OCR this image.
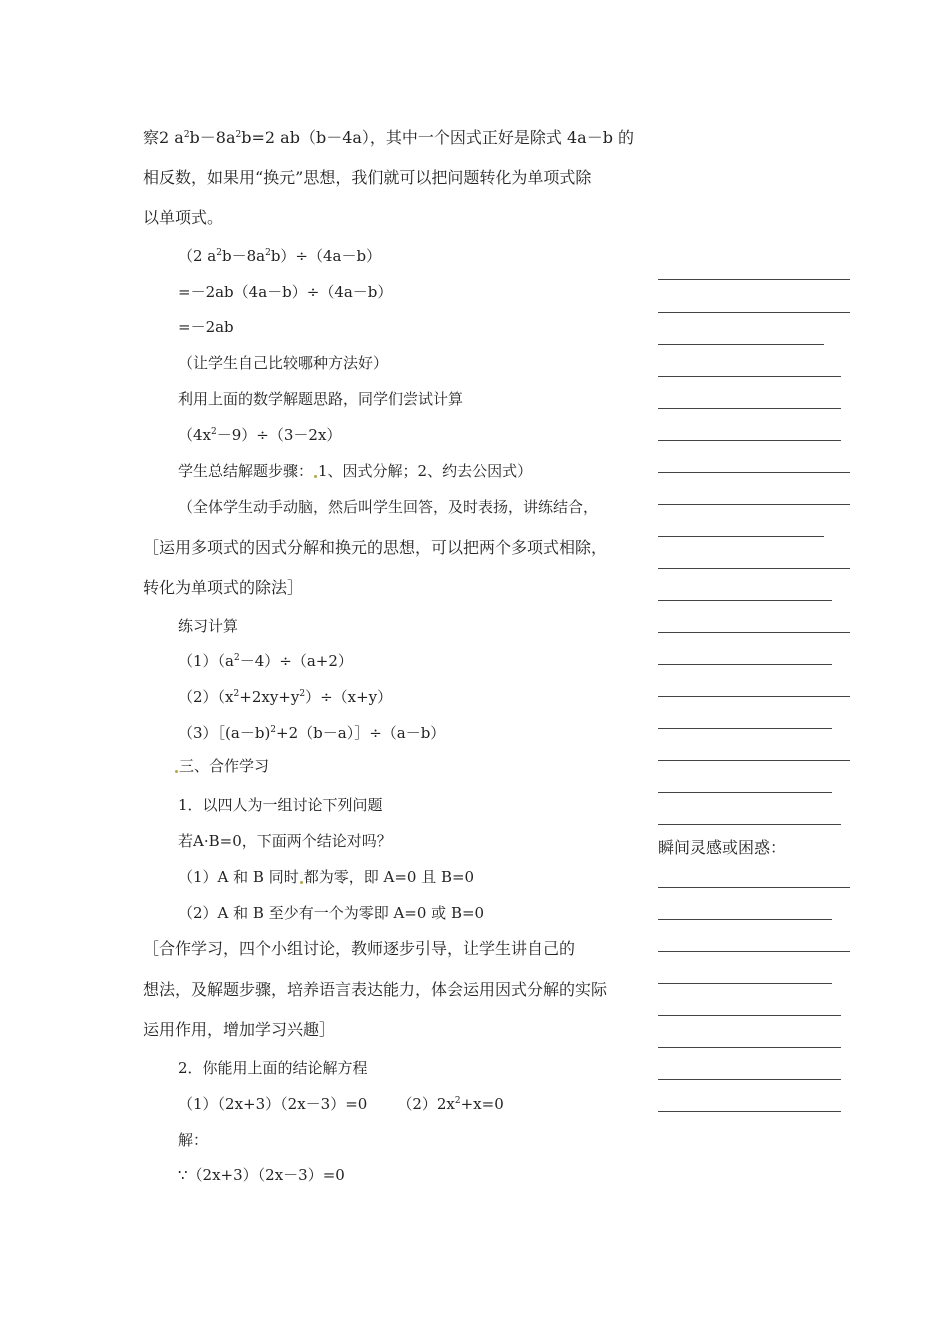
察2 $a^2b-8a^2b=2$ ab（b－4a），其中一个因式正好是除式 4a－b 的
相反数，如果用“换元”思想，我们就可以把问题转化为单项式除
以单项式。
（2 $a^2b-8a^2b)\div(4a-b)$
=－2ab（4a－b）÷（4a－b）
=－2ab
（让学生自己比较哪种方法好）
利用上面的数学解题思路，同学们尝试计算
$(4x^2-9)\div(3-2x)$
学生总结解题步骤： 1、因式分解；2、约去公因式）
（全体学生动手动脑，然后叫学生回答，及时表扬，讲练结合，
［运用多项式的因式分解和换元的思想，可以把两个多项式相除，
转化为单项式的除法］
练习计算
$(1)(a^2-4)\div(a+2)$
$(2)(x^2+2xy+y^2)\div(x+y)$
$(3)[(a-b)^2+2(b-a)]\div(a-b)$
三、合作学习
1．以四人为一组讨论下列问题
若A·B=0，下面两个结论对吗？
（1）A 和 B 同时 都为零，即 A=0 且 B=0
（2）A 和 B 至少有一个为零即 A=0 或 B=0
［合作学习，四个小组讨论，教师逐步引导，让学生讲自己的
想法，及解题步骤，培养语言表达能力，体会运用因式分解的实际
运用作用，增加学习兴趣］
2．你能用上面的结论解方程
（1）（2x+3）（2x－3）=0 $(2)2x^2+x=0$
解：
∵（2x+3）（2x－3）=0
瞬间灵感或困惑：
